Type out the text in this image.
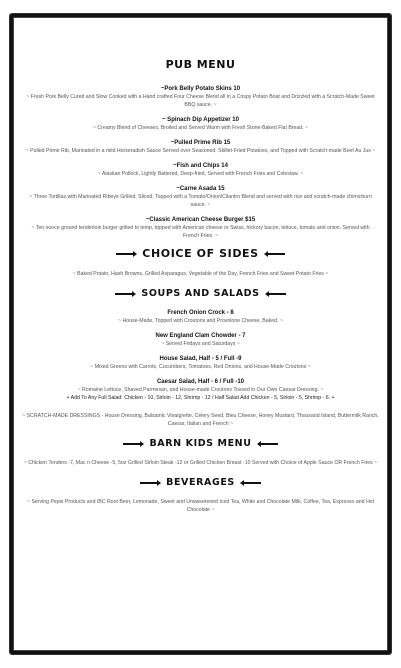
PUB MENU
~Pork Belly Potato Skins 10
~ Fresh Pork Belly Cured and Slow Cooked with a Hand crafted Four Cheese Blend all in a Crispy Potato Boat and Drizzled with a Scratch-Made Sweet BBQ sauce. ~
~ Spinach Dip Appetizer 10
~ Creamy Blend of Cheeses, Broiled and Served Warm with Fresh Stone-Baked Flat Bread. ~
~Pulled Prime Rib 15
~ Pulled Prime Rib, Marinated in a mild Horseradish Sauce Served over Seasoned, Skillet-Fried Potatoes, and Topped with Scratch-made Beef Au Jus ~
~Fish and Chips 14
~ Alaskan Pollock, Lightly Battered, Deep-fried, Served with French Fries and Coleslaw. ~
~Carne Asada 15
~ Three Tortillas with Marinated Ribeye Grilled, Sliced, Topped with a Tomato/Onion/Cilantro Blend and served with rice and scratch-made chimichurri sauce. ~
~Classic American Cheese Burger $15
~ Ten ounce ground tenderloin burger grilled to temp, topped with American cheese or Swiss, hickory bacon, lettuce, tomato and onion. Served with French Fries. ~
CHOICE OF SIDES
~ Baked Potato, Hash Browns, Grilled Asparagus, Vegetable of the Day, French Fries and Sweet Potato Fries ~
SOUPS AND SALADS
French Onion Crock - 8
~ House-Made, Topped with Croutons and Provolone Cheese, Baked. ~
New England Clam Chowder - 7
~ Served Fridays and Saturdays ~
House Salad, Half - 5 / Full -9
~ Mixed Greens with Carrots, Cucumbers, Tomatoes, Red Onions, and House-Made Croutons ~
Caesar Salad, Half - 6 / Full -10
~ Romaine Lettuce, Shaved Parmesan, and House-made Croutons Tossed in Our Own Caesar Dressing. ~
+ Add To Any Full Salad: Chicken - 10, Sirloin - 12, Shrimp - 12 / Half Salad Add Chicken - 5, Sirloin - 5, Shrimp - 6. +
~ SCRATCH-MADE DRESSINGS - House Dressing, Balsamic Vinaigrette, Celery Seed, Bleu Cheese, Honey Mustard, Thousand Island, Buttermilk Ranch, Caesar, Italian and French ~
BARN KIDS MENU
~ Chicken Tenders -7, Mac n Cheese -5, 5oz Grilled Sirloin Steak -12 or Grilled Chicken Breast -10 Served with Choice of Apple Sauce OR French Fries ~
BEVERAGES
~ Serving Pepsi Products and IBC Root Beer, Lemonade, Sweet and Unsweetened Iced Tea, White and Chocolate Milk, Coffee, Tea, Espresso and Hot Chocolate ~
